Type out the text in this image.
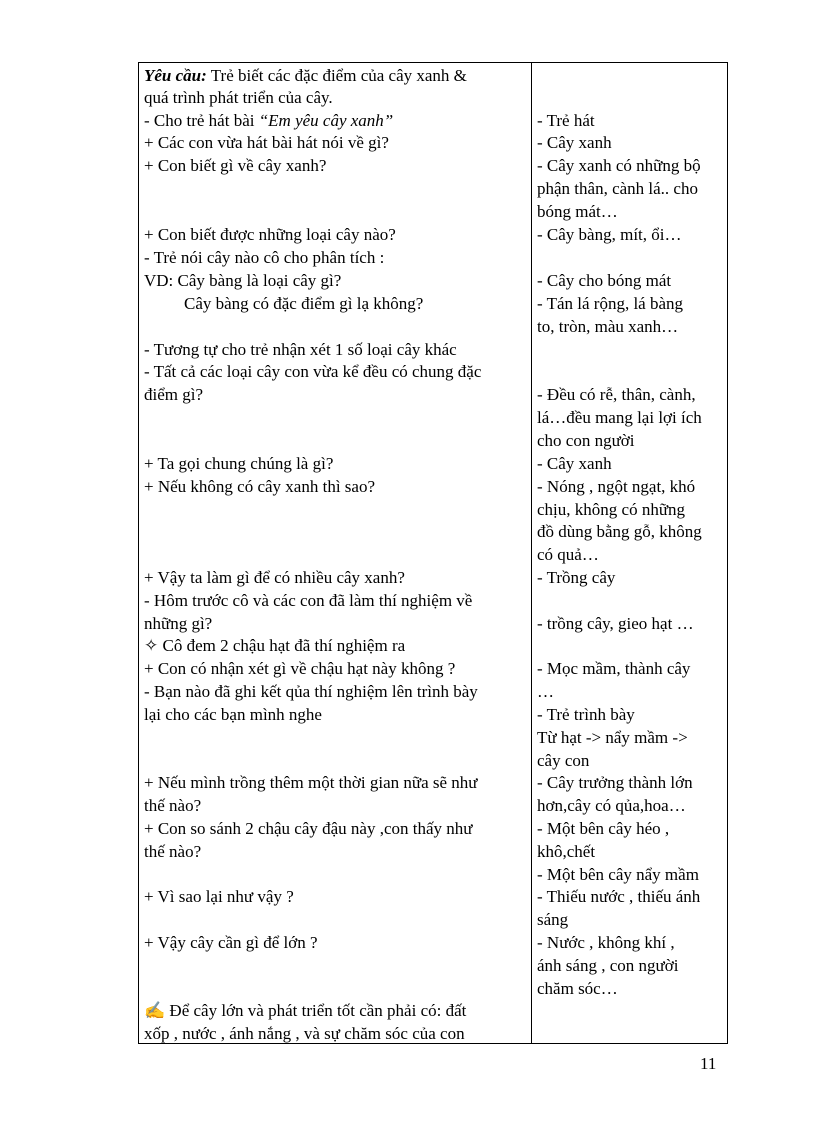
Yêu cầu: Trẻ biết các đặc điểm của cây xanh &
quá trình phát triển của cây.
- Cho trẻ hát bài “Em yêu cây xanh”
+ Các con vừa hát bài hát nói về gì?
+ Con biết gì về cây xanh?
+ Con biết được những loại cây nào?
- Trẻ nói cây nào cô cho phân tích :
VD: Cây bàng là loại cây gì?
Cây bàng có đặc điểm gì lạ không?
- Tương tự cho trẻ nhận xét 1 số loại cây khác
- Tất cả các loại cây con vừa kể đều có chung đặc
điểm gì?
+ Ta gọi chung chúng là gì?
+ Nếu không có cây xanh thì sao?
+ Vậy ta làm gì để có nhiều cây xanh?
- Hôm trước cô và các con đã làm thí nghiệm về
những gì?
✧ Cô đem 2 chậu hạt đã thí nghiệm ra
+ Con có nhận xét gì về chậu hạt này không ?
- Bạn nào đã ghi kết qủa thí nghiệm lên trình bày
lại cho các bạn mình nghe
+ Nếu mình trồng thêm một thời gian nữa sẽ như
thế nào?
+ Con so sánh 2 chậu cây đậu này ,con thấy như
thế nào?
+ Vì sao lại như vậy ?
+ Vậy cây cần gì để lớn ?
✍ Để cây lớn và phát triển tốt cần phải có: đất
xốp , nước , ánh nắng , và sự chăm sóc của con
- Trẻ hát
- Cây xanh
- Cây xanh có những bộ
phận thân, cành lá.. cho
bóng mát…
- Cây bàng, mít, ổi…
- Cây cho bóng mát
- Tán lá rộng, lá bàng
to, tròn, màu xanh…
- Đều có rễ, thân, cành,
lá…đều mang lại lợi ích
cho con người
- Cây xanh
- Nóng , ngột ngạt, khó
chịu, không có những
đồ dùng bằng gỗ, không
có quả…
- Trồng cây
- trồng cây, gieo hạt …
- Mọc mầm, thành cây
…
- Trẻ trình bày
Từ hạt -> nẩy mầm ->
cây con
- Cây trưởng thành lớn
hơn,cây có qủa,hoa…
- Một bên cây héo ,
khô,chết
- Một bên cây nẩy mầm
- Thiếu nước , thiếu ánh
sáng
- Nước , không khí ,
ánh sáng , con người
chăm sóc…
11
